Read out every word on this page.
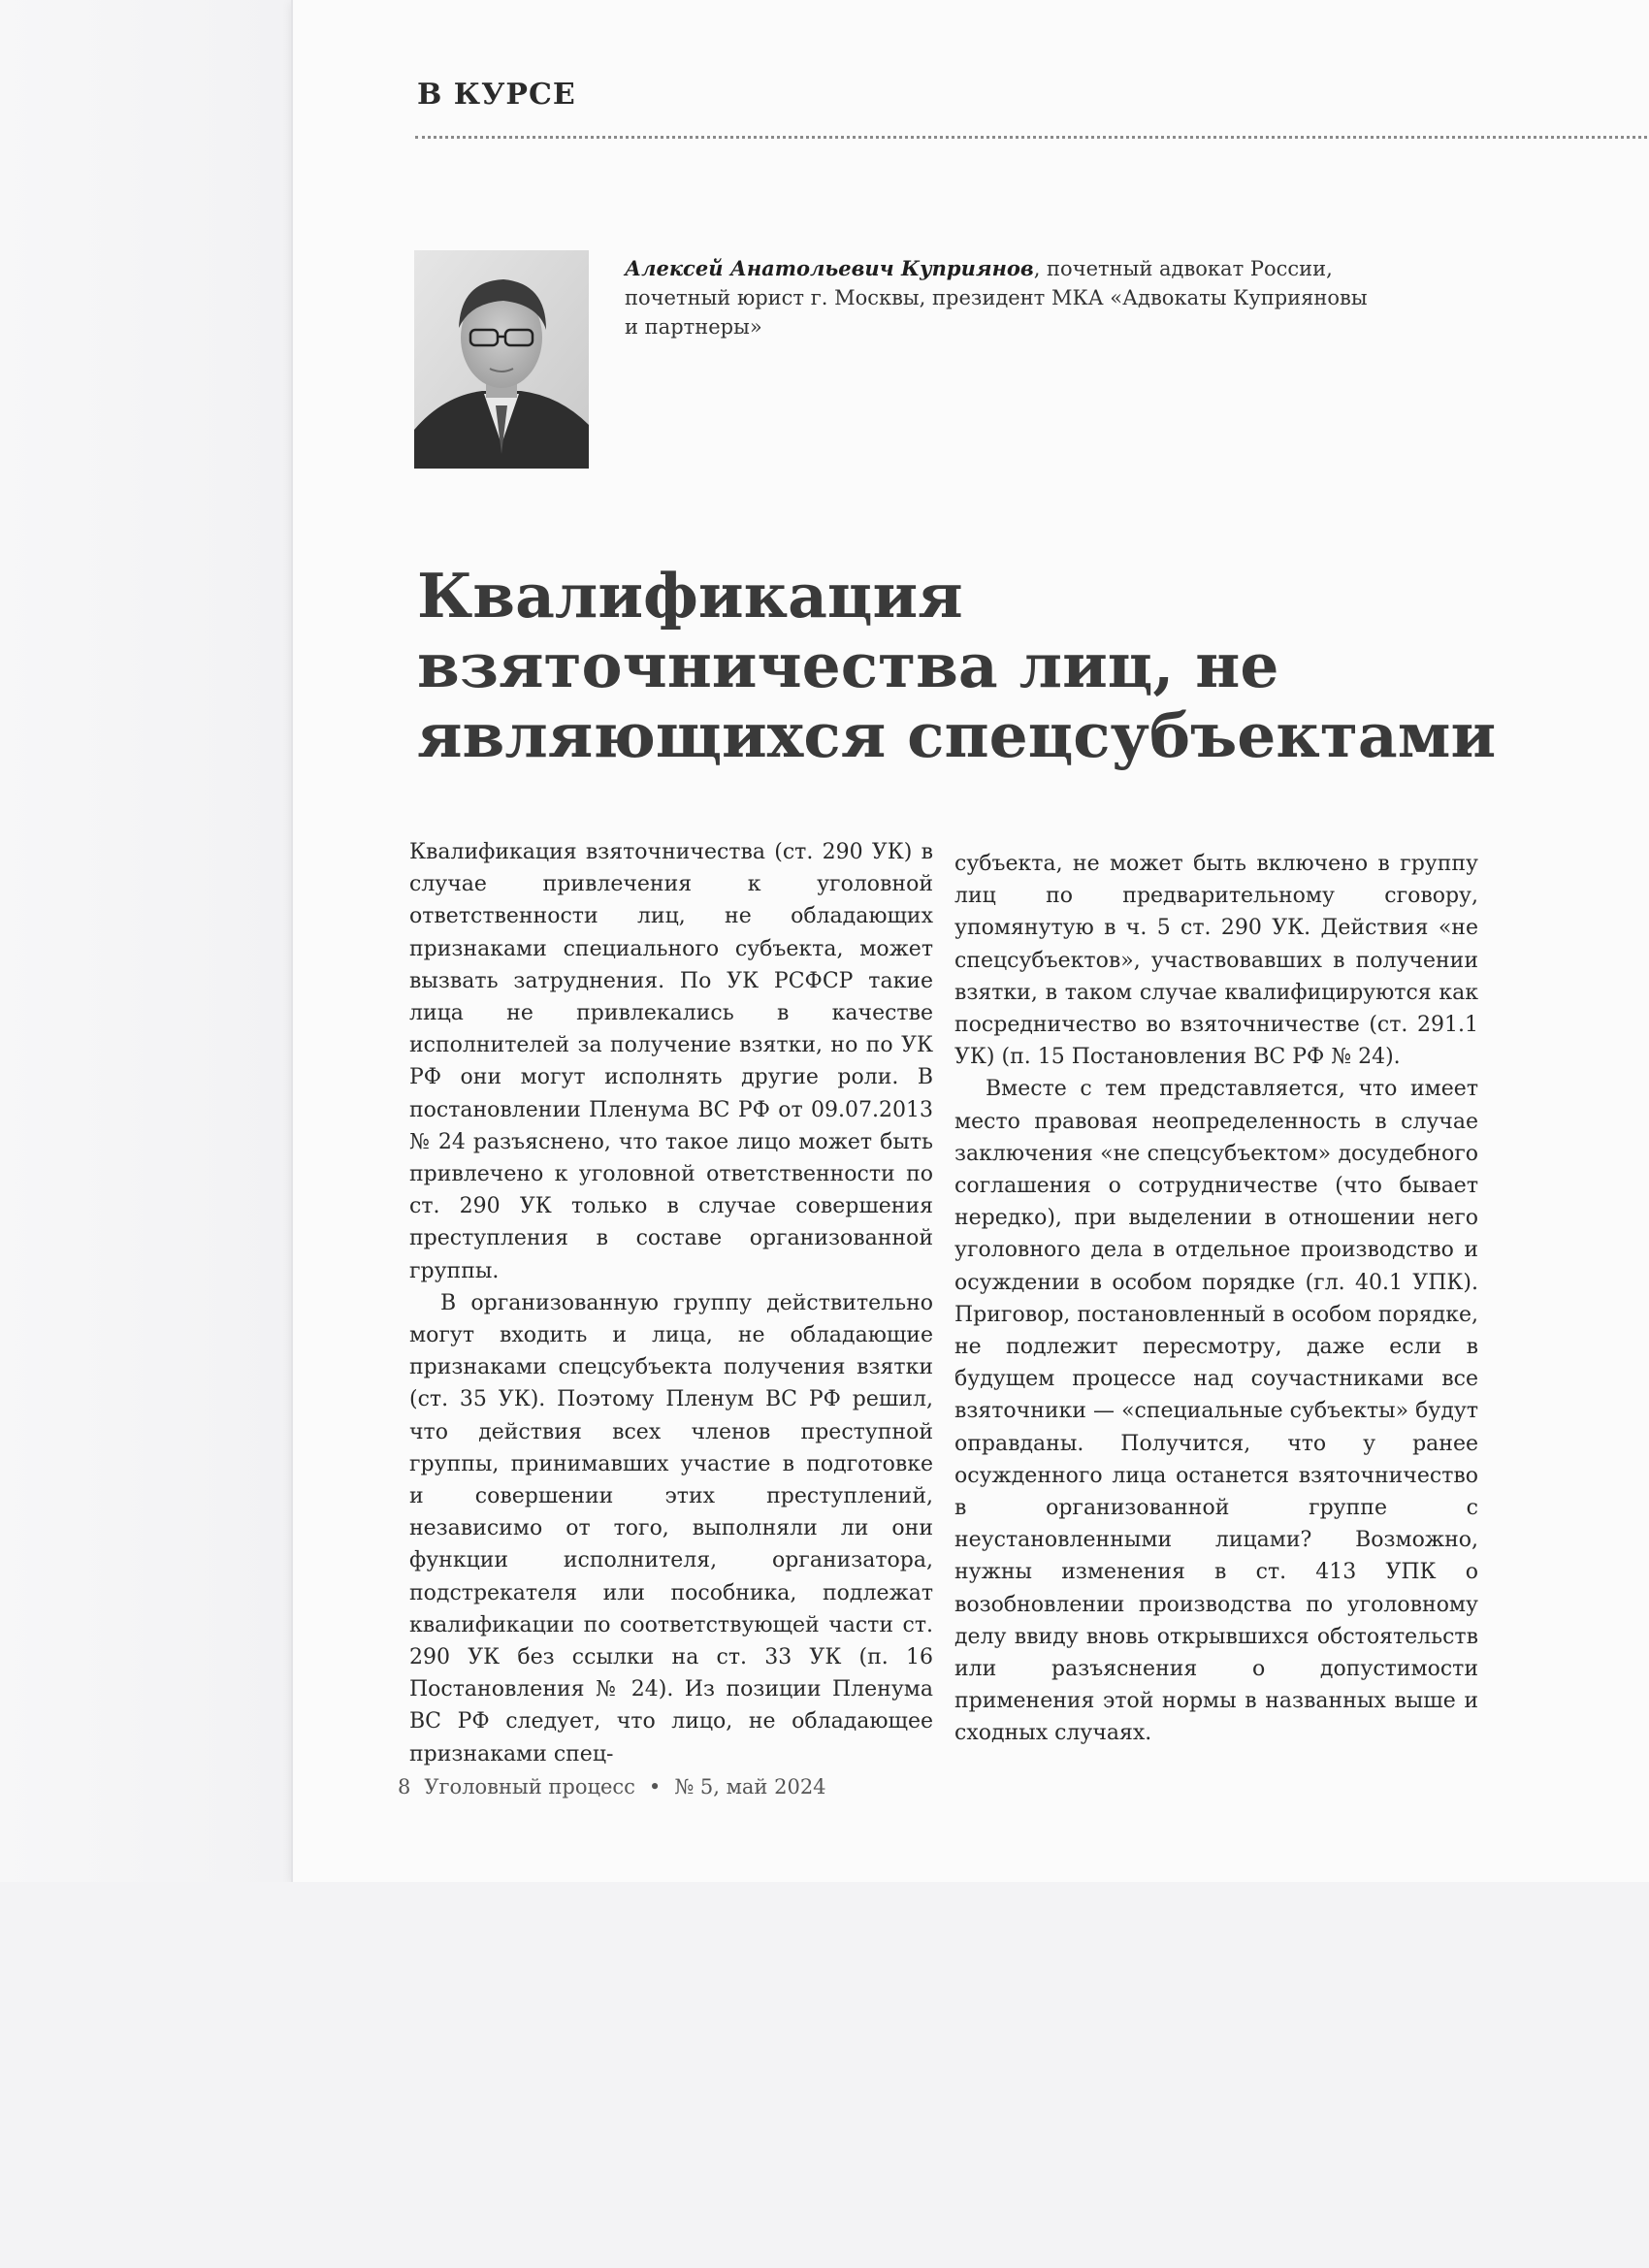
В КУРСЕ
Алексей Анатольевич Куприянов, почетный адвокат России, почетный юрист г. Москвы, президент МКА «Адвокаты Куприяновы и партнеры»
Квалификация взяточничества лиц, не являющихся спецсубъектами

Квалификация взяточничества (ст. 290 УК) в случае привлечения к уголовной ответственности лиц, не обладающих признаками специального субъекта, может вызвать затруднения. По УК РСФСР такие лица не привлекались в качестве исполнителей за получение взятки, но по УК РФ они могут исполнять другие роли. В постановлении Пленума ВС РФ от 09.07.2013 № 24 разъяснено, что такое лицо может быть привлечено к уголовной ответственности по ст. 290 УК только в случае совершения преступления в составе организованной группы.

В организованную группу действительно могут входить и лица, не обладающие признаками спецсубъекта получения взятки (ст. 35 УК). Поэтому Пленум ВС РФ решил, что действия всех членов преступной группы, принимавших участие в подготовке и совершении этих преступлений, независимо от того, выполняли ли они функции исполнителя, организатора, подстрекателя или пособника, подлежат квалификации по соответствующей части ст. 290 УК без ссылки на ст. 33 УК (п. 16 Постановления № 24). Из позиции Пленума ВС РФ следует, что лицо, не обладающее признаками спец-

субъекта, не может быть включено в группу лиц по предварительному сговору, упомянутую в ч. 5 ст. 290 УК. Действия «не спецсубъектов», участвовавших в получении взятки, в таком случае квалифицируются как посредничество во взяточничестве (ст. 291.1 УК) (п. 15 Постановления ВС РФ № 24).

Вместе с тем представляется, что имеет место правовая неопределенность в случае заключения «не спецсубъектом» досудебного соглашения о сотрудничестве (что бывает нередко), при выделении в отношении него уголовного дела в отдельное производство и осуждении в особом порядке (гл. 40.1 УПК). Приговор, постановленный в особом порядке, не подлежит пересмотру, даже если в будущем процессе над соучастниками все взяточники — «специальные субъекты» будут оправданы. Получится, что у ранее осужденного лица останется взяточничество в организованной группе с неустановленными лицами? Возможно, нужны изменения в ст. 413 УПК о возобновлении производства по уголовному делу ввиду вновь открывшихся обстоятельств или разъяснения о допустимости применения этой нормы в названных выше и сходных случаях.

8 Уголовный процесс • № 5, май 2024
